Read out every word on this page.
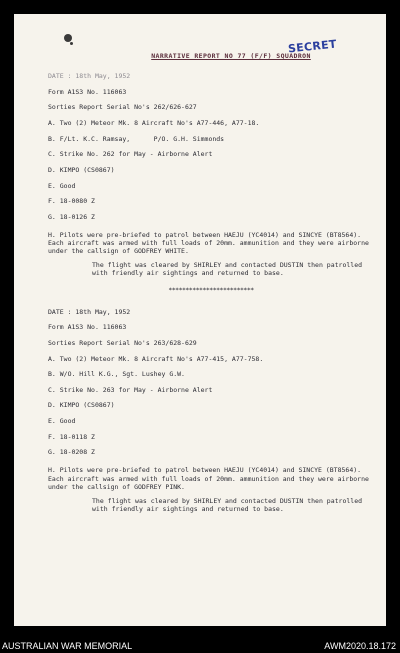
SECRET
NARRATIVE REPORT NO 77 (F/F) SQUADRON
DATE : 18th May, 1952
Form A1S3 No. 116063
Sorties Report Serial No's 262/626-627
A. Two (2) Meteor Mk. 8 Aircraft No's A77-446, A77-18.
B. F/Lt. K.C. Ramsay,      P/O. G.H. Simmonds
C. Strike No. 262 for May - Airborne Alert
D. KIMPO (CS0867)
E. Good
F. 18-0080 Z
G. 18-0126 Z
H. Pilots were pre-briefed to patrol between HAEJU (YC4014) and SINCYE (BT8564). Each aircraft was armed with full loads of 20mm. ammunition and they were airborne under the callsign of GODFREY WHITE.
The flight was cleared by SHIRLEY and contacted DUSTIN then patrolled with friendly air sightings and returned to base.
*************************
DATE : 18th May, 1952
Form A1S3 No. 116063
Sorties Report Serial No's 263/628-629
A. Two (2) Meteor Mk. 8 Aircraft No's A77-415, A77-758.
B. W/O. Hill K.G., Sgt. Lushey G.W.
C. Strike No. 263 for May - Airborne Alert
D. KIMPO (CS0867)
E. Good
F. 18-0118 Z
G. 18-0208 Z
H. Pilots were pre-briefed to patrol between HAEJU (YC4014) and SINCYE (BT8564). Each aircraft was armed with full loads of 20mm. ammunition and they were airborne under the callsign of GODFREY PINK.
The flight was cleared by SHIRLEY and contacted DUSTIN then patrolled with friendly air sightings and returned to base.
AUSTRALIAN WAR MEMORIAL	AWM2020.18.172
